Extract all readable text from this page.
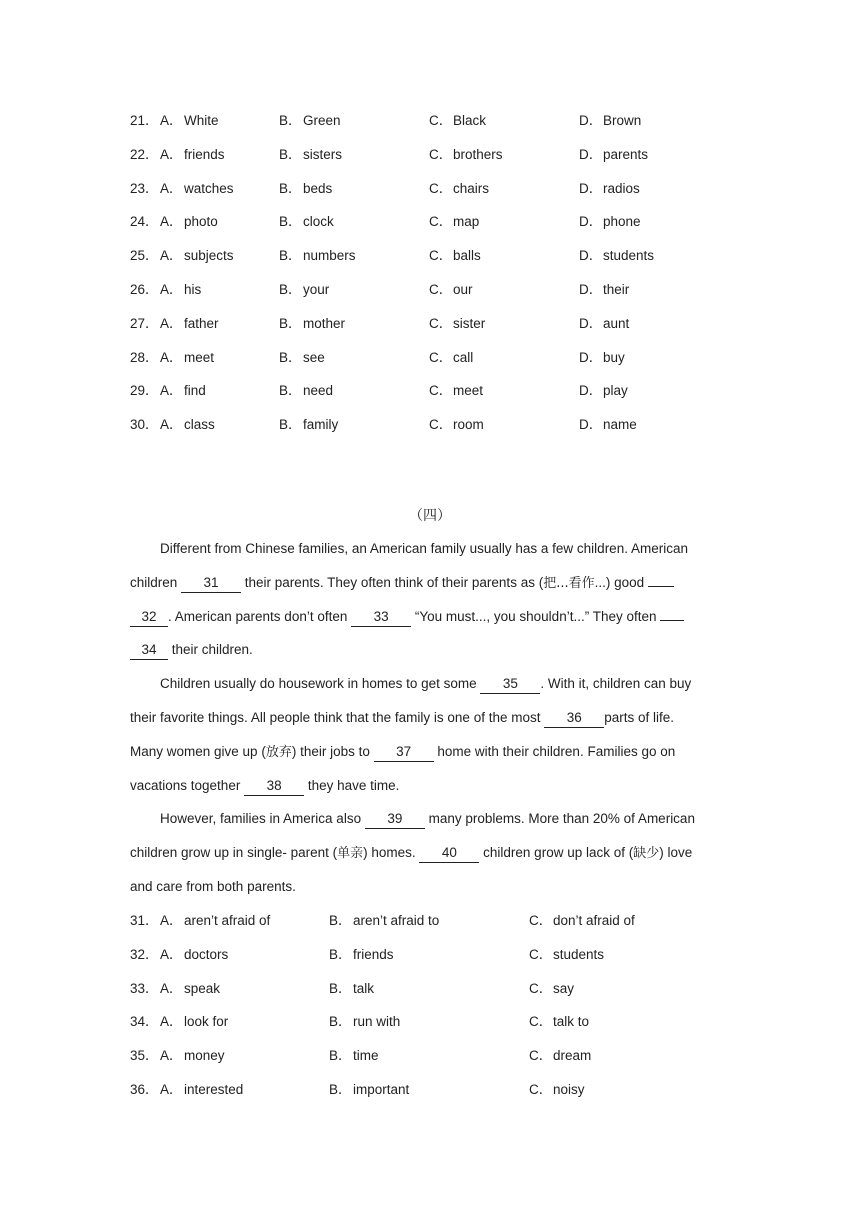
21． A．White	B．Green	C．Black	D．Brown
22． A．friends	B．sisters	C．brothers	D．parents
23． A．watches	B．beds	C．chairs	D．radios
24． A．photo	B．clock	C．map	D．phone
25． A．subjects	B．numbers	C．balls	D．students
26． A．his	B．your	C．our	D．their
27． A．father	B．mother	C．sister	D．aunt
28． A．meet	B．see	C．call	D．buy
29． A．find	B．need	C．meet	D．play
30． A．class	B．family	C．room	D．name
（四）
Different from Chinese families, an American family usually has a few children. American
children 31 their parents. They often think of their parents as (把...看作...) good
32 . American parents don’t often 33 “You must..., you shouldn’t...” They often
34 their children.
Children usually do housework in homes to get some 35 . With it, children can buy
their favorite things. All people think that the family is one of the most 36 parts of life.
Many women give up (放弃) their jobs to 37 home with their children. Families go on
vacations together 38 they have time.
However, families in America also 39 many problems. More than 20% of American
children grow up in single- parent (单亲) homes. 40 children grow up lack of (缺少) love
and care from both parents.
31． A．aren’t afraid of	B．aren’t afraid to	C．don’t afraid of
32． A．doctors	B．friends	C．students
33． A．speak	B．talk	C．say
34． A．look for	B．run with	C．talk to
35． A．money	B．time	C．dream
36． A．interested	B．important	C．noisy
